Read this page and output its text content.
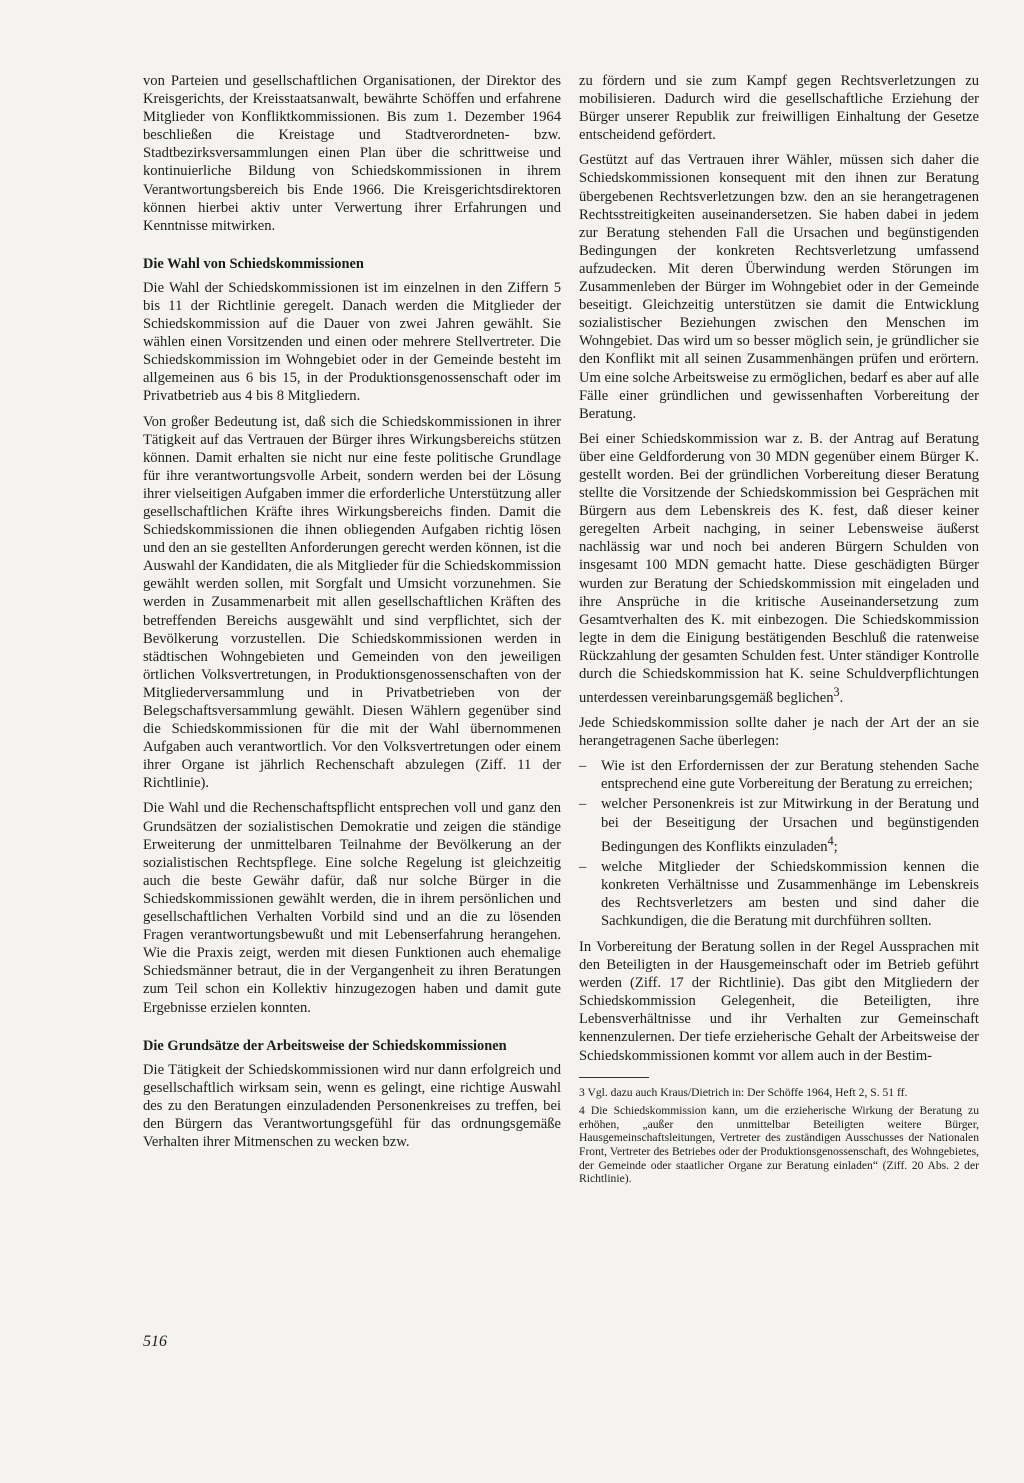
von Parteien und gesellschaftlichen Organisationen, der Direktor des Kreisgerichts, der Kreisstaatsanwalt, bewährte Schöffen und erfahrene Mitglieder von Konfliktkommissionen. Bis zum 1. Dezember 1964 beschließen die Kreistage und Stadtverordneten- bzw. Stadtbezirksversammlungen einen Plan über die schrittweise und kontinuierliche Bildung von Schiedskommissionen in ihrem Verantwortungsbereich bis Ende 1966. Die Kreisgerichtsdirektoren können hierbei aktiv unter Verwertung ihrer Erfahrungen und Kenntnisse mitwirken.

Die Wahl von Schiedskommissionen

Die Wahl der Schiedskommissionen ist im einzelnen in den Ziffern 5 bis 11 der Richtlinie geregelt. Danach werden die Mitglieder der Schiedskommission auf die Dauer von zwei Jahren gewählt. Sie wählen einen Vorsitzenden und einen oder mehrere Stellvertreter. Die Schiedskommission im Wohngebiet oder in der Gemeinde besteht im allgemeinen aus 6 bis 15, in der Produktionsgenossenschaft oder im Privatbetrieb aus 4 bis 8 Mitgliedern.

Von großer Bedeutung ist, daß sich die Schiedskommissionen in ihrer Tätigkeit auf das Vertrauen der Bürger ihres Wirkungsbereichs stützen können. Damit erhalten sie nicht nur eine feste politische Grundlage für ihre verantwortungsvolle Arbeit, sondern werden bei der Lösung ihrer vielseitigen Aufgaben immer die erforderliche Unterstützung aller gesellschaftlichen Kräfte ihres Wirkungsbereichs finden. Damit die Schiedskommissionen die ihnen obliegenden Aufgaben richtig lösen und den an sie gestellten Anforderungen gerecht werden können, ist die Auswahl der Kandidaten, die als Mitglieder für die Schiedskommission gewählt werden sollen, mit Sorgfalt und Umsicht vorzunehmen. Sie werden in Zusammenarbeit mit allen gesellschaftlichen Kräften des betreffenden Bereichs ausgewählt und sind verpflichtet, sich der Bevölkerung vorzustellen. Die Schiedskommissionen werden in städtischen Wohngebieten und Gemeinden von den jeweiligen örtlichen Volksvertretungen, in Produktionsgenossenschaften von der Mitgliederversammlung und in Privatbetrieben von der Belegschaftsversammlung gewählt. Diesen Wählern gegenüber sind die Schiedskommissionen für die mit der Wahl übernommenen Aufgaben auch verantwortlich. Vor den Volksvertretungen oder einem ihrer Organe ist jährlich Rechenschaft abzulegen (Ziff. 11 der Richtlinie).

Die Wahl und die Rechenschaftspflicht entsprechen voll und ganz den Grundsätzen der sozialistischen Demokratie und zeigen die ständige Erweiterung der unmittelbaren Teilnahme der Bevölkerung an der sozialistischen Rechtspflege. Eine solche Regelung ist gleichzeitig auch die beste Gewähr dafür, daß nur solche Bürger in die Schiedskommissionen gewählt werden, die in ihrem persönlichen und gesellschaftlichen Verhalten Vorbild sind und an die zu lösenden Fragen verantwortungsbewußt und mit Lebenserfahrung herangehen. Wie die Praxis zeigt, werden mit diesen Funktionen auch ehemalige Schiedsmänner betraut, die in der Vergangenheit zu ihren Beratungen zum Teil schon ein Kollektiv hinzugezogen haben und damit gute Ergebnisse erzielen konnten.

Die Grundsätze der Arbeitsweise der Schiedskommissionen

Die Tätigkeit der Schiedskommissionen wird nur dann erfolgreich und gesellschaftlich wirksam sein, wenn es gelingt, eine richtige Auswahl des zu den Beratungen einzuladenden Personenkreises zu treffen, bei den Bürgern das Verantwortungsgefühl für das ordnungsgemäße Verhalten ihrer Mitmenschen zu wecken bzw.

zu fördern und sie zum Kampf gegen Rechtsverletzungen zu mobilisieren. Dadurch wird die gesellschaftliche Erziehung der Bürger unserer Republik zur freiwilligen Einhaltung der Gesetze entscheidend gefördert.

Gestützt auf das Vertrauen ihrer Wähler, müssen sich daher die Schiedskommissionen konsequent mit den ihnen zur Beratung übergebenen Rechtsverletzungen bzw. den an sie herangetragenen Rechtsstreitigkeiten auseinandersetzen. Sie haben dabei in jedem zur Beratung stehenden Fall die Ursachen und begünstigenden Bedingungen der konkreten Rechtsverletzung umfassend aufzudecken. Mit deren Überwindung werden Störungen im Zusammenleben der Bürger im Wohngebiet oder in der Gemeinde beseitigt. Gleichzeitig unterstützen sie damit die Entwicklung sozialistischer Beziehungen zwischen den Menschen im Wohngebiet. Das wird um so besser möglich sein, je gründlicher sie den Konflikt mit all seinen Zusammenhängen prüfen und erörtern. Um eine solche Arbeitsweise zu ermöglichen, bedarf es aber auf alle Fälle einer gründlichen und gewissenhaften Vorbereitung der Beratung.

Bei einer Schiedskommission war z. B. der Antrag auf Beratung über eine Geldforderung von 30 MDN gegenüber einem Bürger K. gestellt worden. Bei der gründlichen Vorbereitung dieser Beratung stellte die Vorsitzende der Schiedskommission bei Gesprächen mit Bürgern aus dem Lebenskreis des K. fest, daß dieser keiner geregelten Arbeit nachging, in seiner Lebensweise äußerst nachlässig war und noch bei anderen Bürgern Schulden von insgesamt 100 MDN gemacht hatte. Diese geschädigten Bürger wurden zur Beratung der Schiedskommission mit eingeladen und ihre Ansprüche in die kritische Auseinandersetzung zum Gesamtverhalten des K. mit einbezogen. Die Schiedskommission legte in dem die Einigung bestätigenden Beschluß die ratenweise Rückzahlung der gesamten Schulden fest. Unter ständiger Kontrolle durch die Schiedskommission hat K. seine Schuldverpflichtungen unterdessen vereinbarungsgemäß beglichen$^3$.

Jede Schiedskommission sollte daher je nach der Art der an sie herangetragenen Sache überlegen:

– Wie ist den Erfordernissen der zur Beratung stehenden Sache entsprechend eine gute Vorbereitung der Beratung zu erreichen;
– welcher Personenkreis ist zur Mitwirkung in der Beratung und bei der Beseitigung der Ursachen und begünstigenden Bedingungen des Konflikts einzuladen$^4$;
– welche Mitglieder der Schiedskommission kennen die konkreten Verhältnisse und Zusammenhänge im Lebenskreis des Rechtsverletzers am besten und sind daher die Sachkundigen, die die Beratung mit durchführen sollten.

In Vorbereitung der Beratung sollen in der Regel Aussprachen mit den Beteiligten in der Hausgemeinschaft oder im Betrieb geführt werden (Ziff. 17 der Richtlinie). Das gibt den Mitgliedern der Schiedskommission Gelegenheit, die Beteiligten, ihre Lebensverhältnisse und ihr Verhalten zur Gemeinschaft kennenzulernen. Der tiefe erzieherische Gehalt der Arbeitsweise der Schiedskommissionen kommt vor allem auch in der Bestim-

3 Vgl. dazu auch Kraus/Dietrich in: Der Schöffe 1964, Heft 2, S. 51 ff.

4 Die Schiedskommission kann, um die erzieherische Wirkung der Beratung zu erhöhen, „außer den unmittelbar Beteiligten weitere Bürger, Hausgemeinschaftsleitungen, Vertreter des zuständigen Ausschusses der Nationalen Front, Vertreter des Betriebes oder der Produktionsgenossenschaft, des Wohngebietes, der Gemeinde oder staatlicher Organe zur Beratung einladen“ (Ziff. 20 Abs. 2 der Richtlinie).

516
